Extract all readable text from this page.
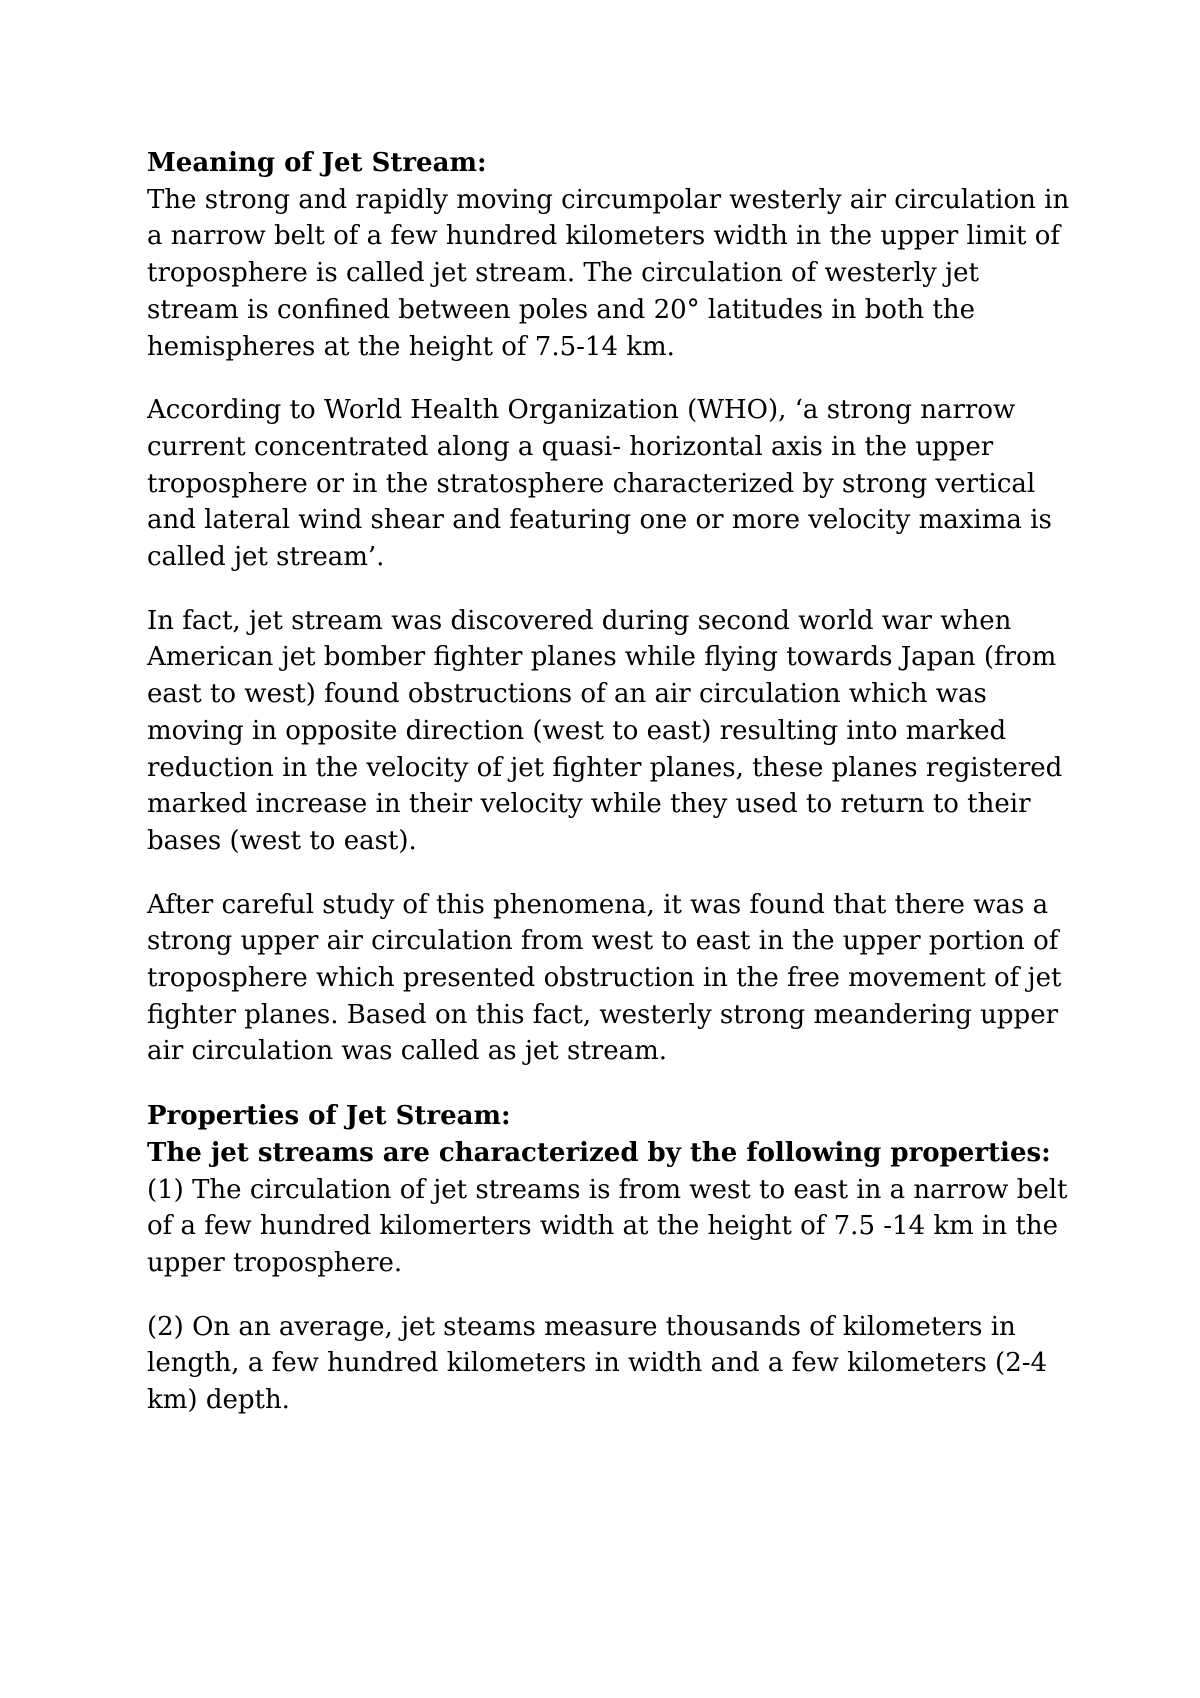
Meaning of Jet Stream:

The strong and rapidly moving circumpolar westerly air circulation in a narrow belt of a few hundred kilometers width in the upper limit of troposphere is called jet stream. The circulation of westerly jet stream is confined between poles and 20° latitudes in both the hemispheres at the height of 7.5-14 km.

According to World Health Organization (WHO), ‘a strong narrow current concentrated along a quasi- horizontal axis in the upper troposphere or in the stratosphere characterized by strong vertical and lateral wind shear and featuring one or more velocity maxima is called jet stream’.

In fact, jet stream was discovered during second world war when American jet bomber fighter planes while flying towards Japan (from east to west) found obstructions of an air circulation which was moving in opposite direction (west to east) resulting into marked reduction in the velocity of jet fighter planes, these planes registered marked increase in their velocity while they used to return to their bases (west to east).

After careful study of this phenomena, it was found that there was a strong upper air circulation from west to east in the upper portion of troposphere which presented obstruction in the free movement of jet fighter planes. Based on this fact, westerly strong meandering upper air circulation was called as jet stream.

Properties of Jet Stream:

The jet streams are characterized by the following properties:

(1) The circulation of jet streams is from west to east in a narrow belt of a few hundred kilomerters width at the height of 7.5 -14 km in the upper troposphere.

(2) On an average, jet steams measure thousands of kilometers in length, a few hundred kilometers in width and a few kilometers (2-4 km) depth.
